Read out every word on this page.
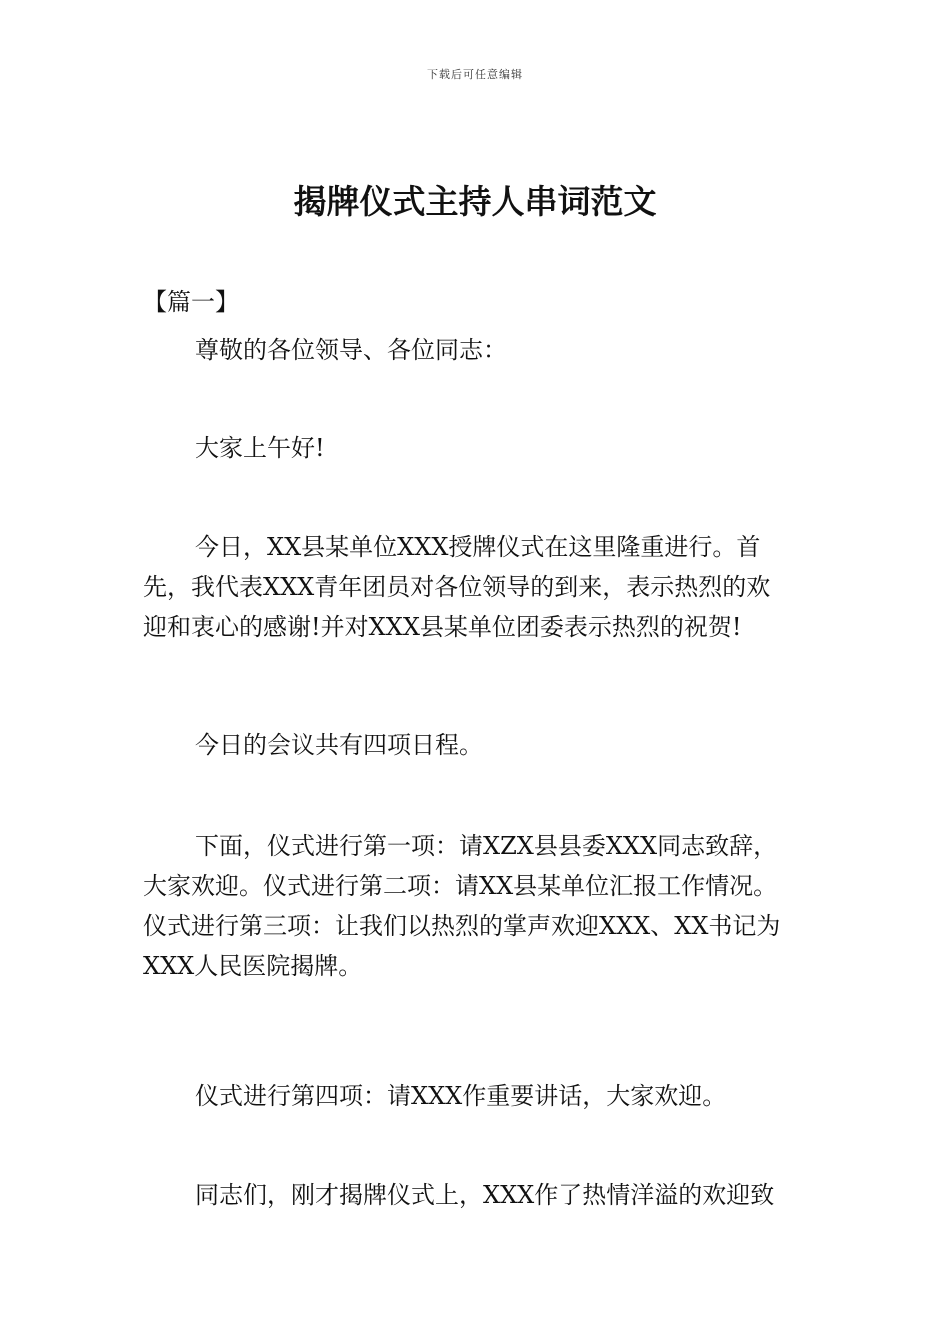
下载后可任意编辑
揭牌仪式主持人串词范文
【篇一】
尊敬的各位领导、各位同志：
大家上午好!
今日，XX县某单位XXX授牌仪式在这里隆重进行。首
先，我代表XXX青年团员对各位领导的到来，表示热烈的欢
迎和衷心的感谢!并对XXX县某单位团委表示热烈的祝贺!
今日的会议共有四项日程。
下面，仪式进行第一项：请XZX县县委XXX同志致辞，
大家欢迎。仪式进行第二项：请XX县某单位汇报工作情况。
仪式进行第三项：让我们以热烈的掌声欢迎XXX、XX书记为
XXX人民医院揭牌。
仪式进行第四项：请XXX作重要讲话，大家欢迎。
同志们，刚才揭牌仪式上，XXX作了热情洋溢的欢迎致
